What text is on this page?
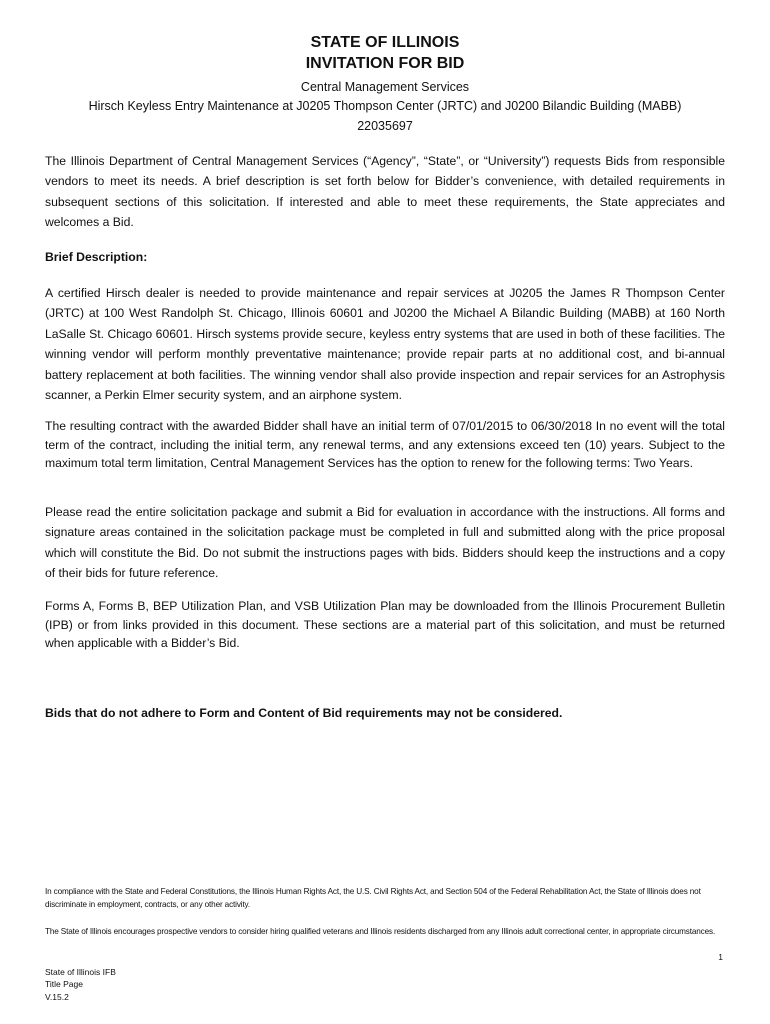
STATE OF ILLINOIS
INVITATION FOR BID
Central Management Services
Hirsch Keyless Entry Maintenance at J0205 Thompson Center (JRTC) and J0200 Bilandic Building (MABB)
22035697

The Illinois Department of Central Management Services (“Agency”, “State”, or “University”) requests Bids from responsible vendors to meet its needs. A brief description is set forth below for Bidder’s convenience, with detailed requirements in subsequent sections of this solicitation. If interested and able to meet these requirements, the State appreciates and welcomes a Bid.

Brief Description:

A certified Hirsch dealer is needed to provide maintenance and repair services at J0205 the James R Thompson Center (JRTC) at 100 West Randolph St. Chicago, Illinois 60601 and J0200 the Michael A Bilandic Building (MABB) at 160 North LaSalle St. Chicago 60601. Hirsch systems provide secure, keyless entry systems that are used in both of these facilities. The winning vendor will perform monthly preventative maintenance; provide repair parts at no additional cost, and bi-annual battery replacement at both facilities. The winning vendor shall also provide inspection and repair services for an Astrophysis scanner, a Perkin Elmer security system, and an airphone system.

The resulting contract with the awarded Bidder shall have an initial term of 07/01/2015 to 06/30/2018 In no event will the total term of the contract, including the initial term, any renewal terms, and any extensions exceed ten (10) years. Subject to the maximum total term limitation, Central Management Services has the option to renew for the following terms: Two Years.

Please read the entire solicitation package and submit a Bid for evaluation in accordance with the instructions. All forms and signature areas contained in the solicitation package must be completed in full and submitted along with the price proposal which will constitute the Bid. Do not submit the instructions pages with bids. Bidders should keep the instructions and a copy of their bids for future reference.

Forms A, Forms B, BEP Utilization Plan, and VSB Utilization Plan may be downloaded from the Illinois Procurement Bulletin (IPB) or from links provided in this document. These sections are a material part of this solicitation, and must be returned when applicable with a Bidder’s Bid.

Bids that do not adhere to Form and Content of Bid requirements may not be considered.

In compliance with the State and Federal Constitutions, the Illinois Human Rights Act, the U.S. Civil Rights Act, and Section 504 of the Federal Rehabilitation Act, the State of Illinois does not discriminate in employment, contracts, or any other activity.

The State of Illinois encourages prospective vendors to consider hiring qualified veterans and Illinois residents discharged from any Illinois adult correctional center, in appropriate circumstances.

1
State of Illinois IFB
Title Page
V.15.2
